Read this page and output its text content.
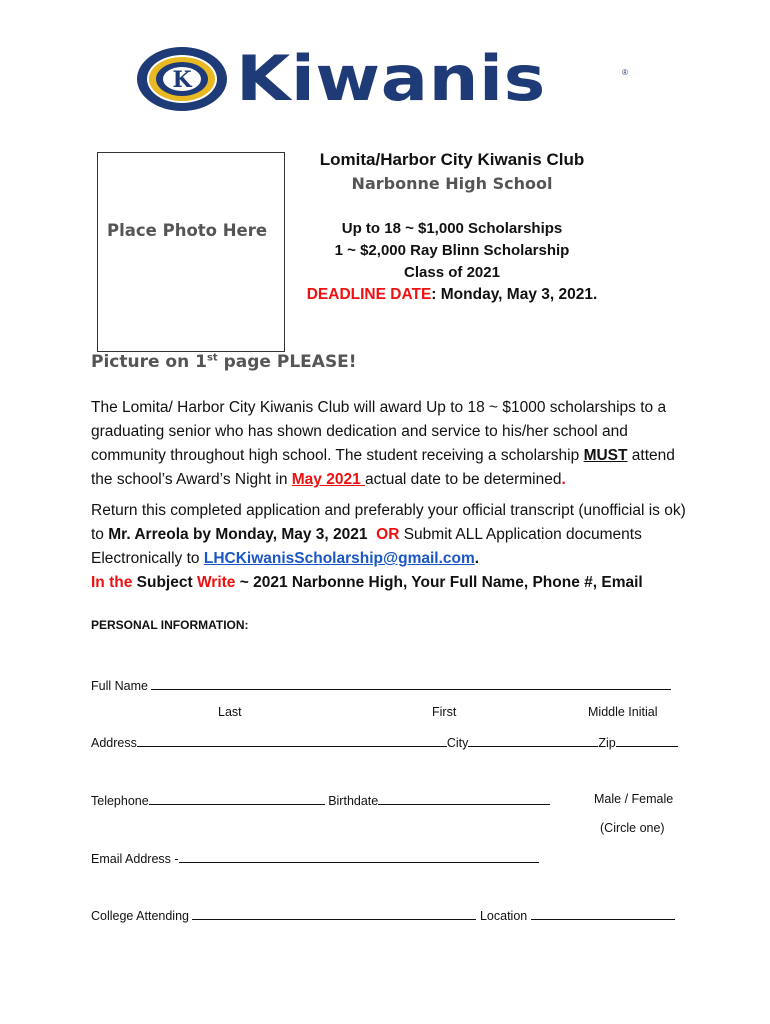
K Kiwanis	®
Place Photo Here
Lomita/Harbor City Kiwanis Club
Narbonne High School
Up to 18 ~ $1,000 Scholarships
1 ~ $2,000 Ray Blinn Scholarship
Class of 2021
DEADLINE DATE: Monday, May 3, 2021.
Picture on 1st page PLEASE!
The Lomita/ Harbor City Kiwanis Club will award Up to 18 ~ $1000 scholarships to a graduating senior who has shown dedication and service to his/her school and community throughout high school. The student receiving a scholarship MUST attend the school’s Award’s Night in May 2021 actual date to be determined.
Return this completed application and preferably your official transcript (unofficial is ok) to Mr. Arreola by Monday, May 3, 2021 OR Submit ALL Application documents Electronically to LHCKiwanisScholarship@gmail.com.
In the Subject Write ~ 2021 Narbonne High, Your Full Name, Phone #, Email
PERSONAL INFORMATION:
Full Name
Last	First	Middle Initial
Address	City	Zip
Telephone	Birthdate	Male / Female
(Circle one)
Email Address -
College Attending	Location
